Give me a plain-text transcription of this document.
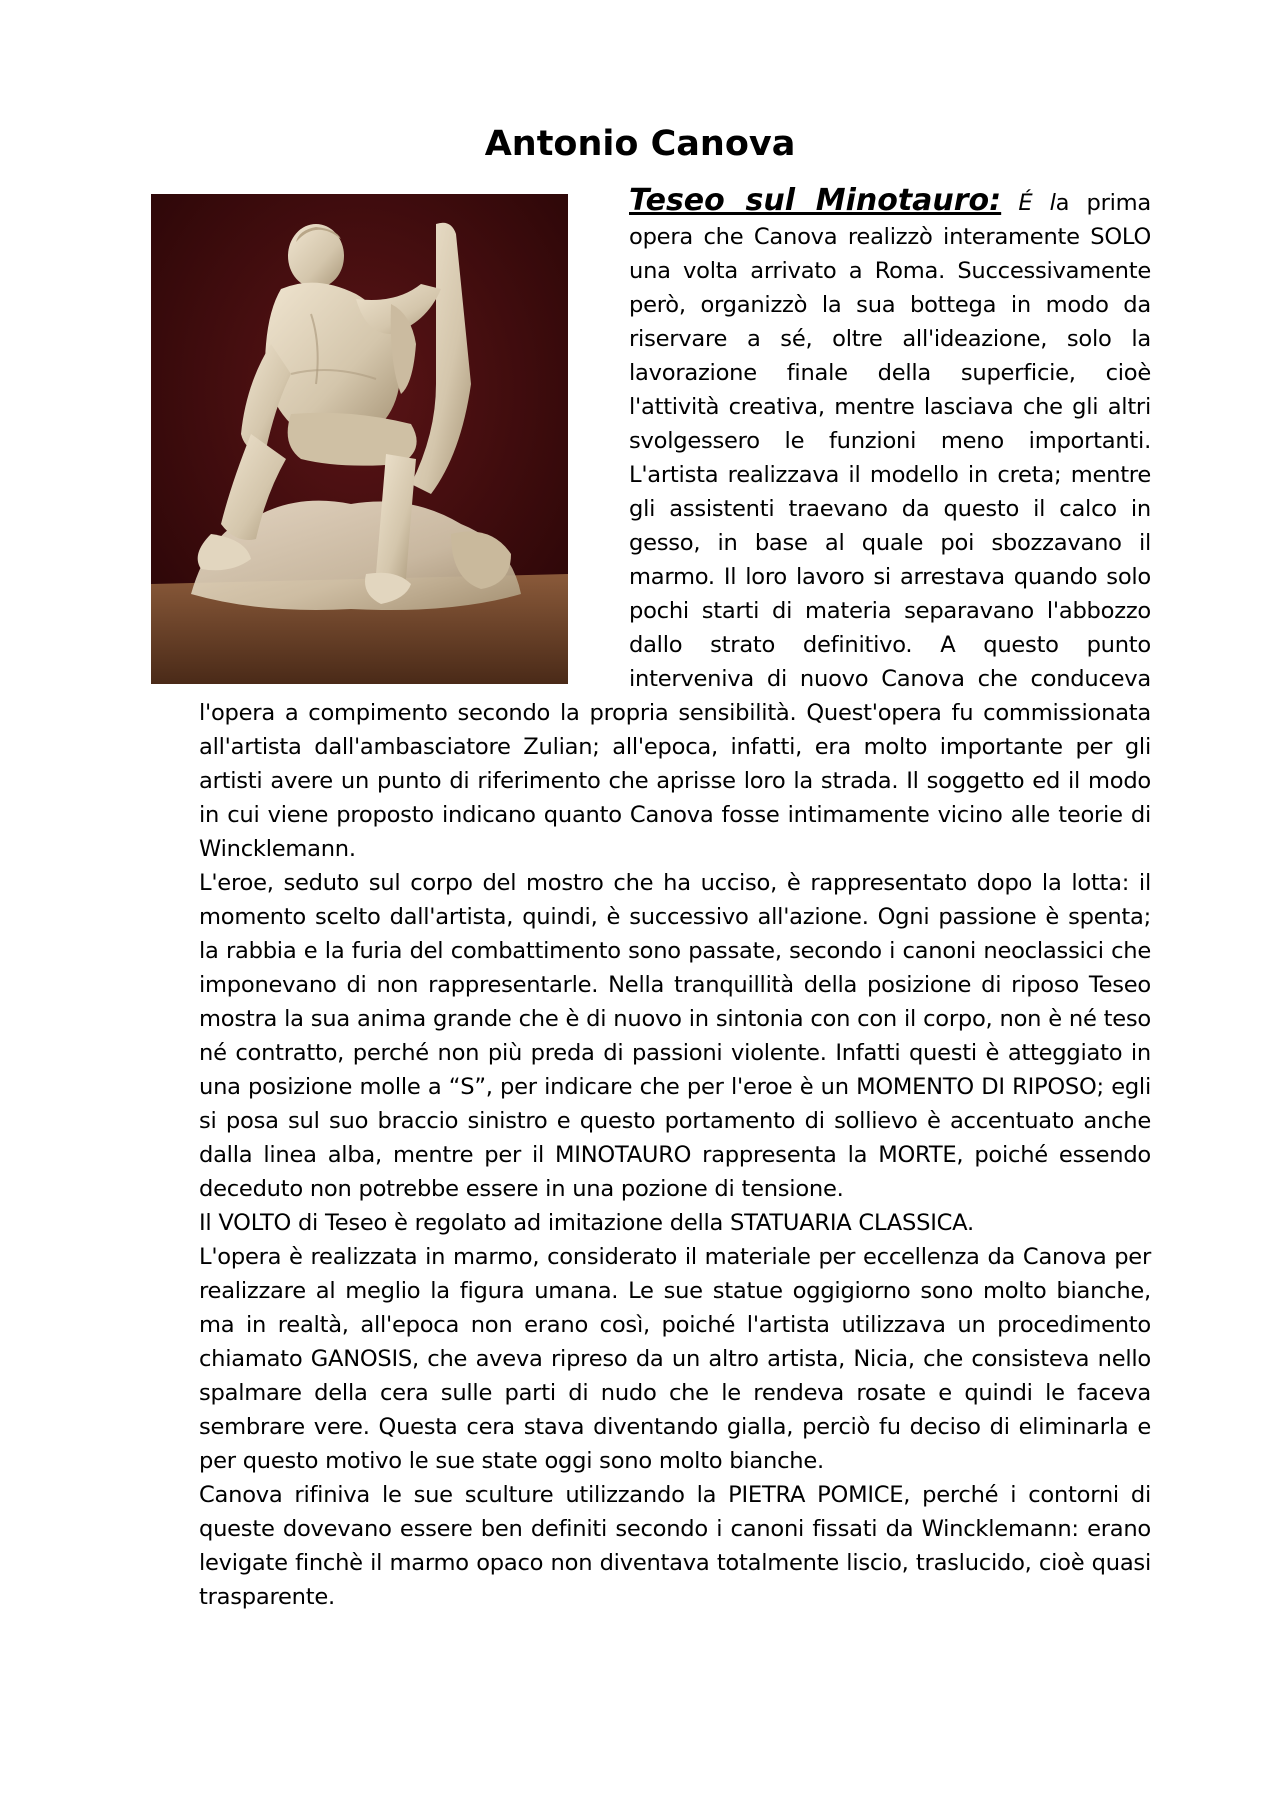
Antonio Canova

Teseo sul Minotauro: É l
a prima opera che Canova realizzò interamente SOLO una volta arrivato a Roma. Successivamente però, organizzò la sua bottega in modo da riservare a sé, oltre all'ideazione, solo la lavorazione finale della superficie, cioè l'attività creativa, mentre lasciava che gli altri svolgessero le funzioni meno importanti. L'artista realizzava il modello in creta; mentre gli assistenti traevano da questo il calco in gesso, in base al quale poi sbozzavano il marmo. Il loro lavoro si arrestava quando solo pochi starti di materia separavano l'abbozzo dallo strato definitivo. A questo punto interveniva di nuovo Canova che conduceva l'opera a compimento secondo la propria sensibilità. Quest'opera fu commissionata all'artista dall'ambasciatore Zulian; all'epoca, infatti, era molto importante per gli artisti avere un punto di riferimento che aprisse loro la strada. Il soggetto ed il modo in cui viene proposto indicano quanto Canova fosse intimamente vicino alle teorie di Wincklemann.

L'eroe, seduto sul corpo del mostro che ha ucciso, è rappresentato dopo la lotta: il momento scelto dall'artista, quindi, è successivo all'azione. Ogni passione è spenta; la rabbia e la furia del combattimento sono passate, secondo i canoni neoclassici che imponevano di non rappresentarle. Nella tranquillità della posizione di riposo Teseo mostra la sua anima grande che è di nuovo in sintonia con con il corpo, non è né teso né contratto, perché non più preda di passioni violente. Infatti questi è atteggiato in una posizione molle a “S”, per indicare che per l'eroe è un MOMENTO DI RIPOSO; egli si posa sul suo braccio sinistro e questo portamento di sollievo è accentuato anche dalla linea alba, mentre per il MINOTAURO rappresenta la MORTE, poiché essendo deceduto non potrebbe essere in una pozione di tensione.

Il VOLTO di Teseo è regolato ad imitazione della STATUARIA CLASSICA.

L'opera è realizzata in marmo, considerato il materiale per eccellenza da Canova per realizzare al meglio la figura umana. Le sue statue oggigiorno sono molto bianche, ma in realtà, all'epoca non erano così, poiché l'artista utilizzava un procedimento chiamato GANOSIS, che aveva ripreso da un altro artista, Nicia, che consisteva nello spalmare della cera sulle parti di nudo che le rendeva rosate e quindi le faceva sembrare vere. Questa cera stava diventando gialla, perciò fu deciso di eliminarla e per questo motivo le sue state oggi sono molto bianche.

Canova rifiniva le sue sculture utilizzando la PIETRA POMICE, perché i contorni di queste dovevano essere ben definiti secondo i canoni fissati da Wincklemann: erano levigate finchè il marmo opaco non diventava totalmente liscio, traslucido, cioè quasi trasparente.
